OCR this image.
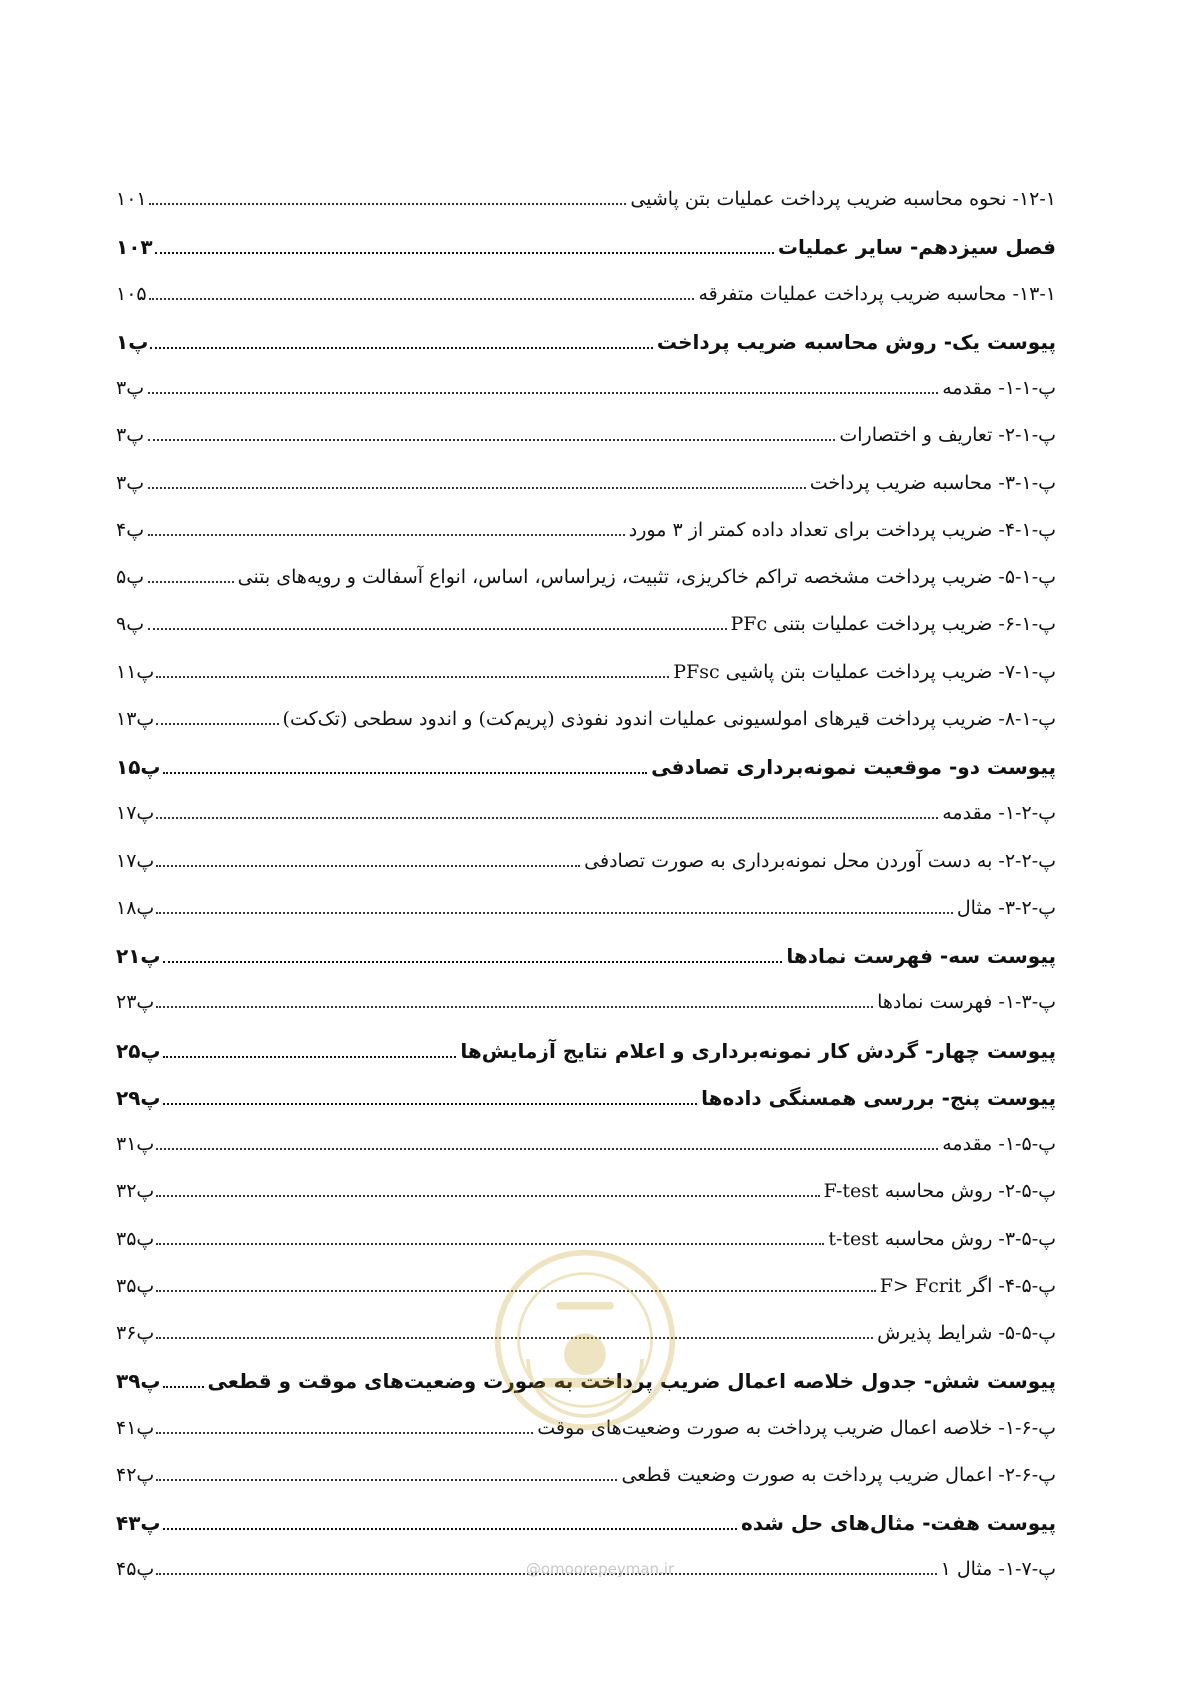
۱۲-۱- نحوه محاسبه ضریب پرداخت عملیات بتن پاشیی
۱۰۱
فصل سیزدهم- سایر عملیات
۱۰۳
۱۳-۱- محاسبه ضریب پرداخت عملیات متفرقه
۱۰۵
پیوست یک- روش محاسبه ضریب پرداخت
پ۱
پ-۱-۱- مقدمه
پ۳
پ-۱-۲- تعاریف و اختصارات
پ۳
پ-۱-۳- محاسبه ضریب پرداخت
پ۳
پ-۱-۴- ضریب پرداخت برای تعداد داده کمتر از ۳ مورد
پ۴
پ-۱-۵- ضریب پرداخت مشخصه تراکم خاکریزی، تثبیت، زیراساس، اساس، انواع آسفالت و رویه‌های بتنی
پ۵
پ-۱-۶- ضریب پرداخت عملیات بتنی PFc
پ۹
پ-۱-۷- ضریب پرداخت عملیات بتن پاشیی PFsc
پ۱۱
پ-۱-۸- ضریب پرداخت قیرهای امولسیونی عملیات اندود نفوذی (پریم‌کت) و اندود سطحی (تک‌کت)
پ۱۳
پیوست دو- موقعیت نمونه‌برداری تصادفی
پ۱۵
پ-۲-۱- مقدمه
پ۱۷
پ-۲-۲- به دست آوردن محل نمونه‌برداری به صورت تصادفی
پ۱۷
پ-۲-۳- مثال
پ۱۸
پیوست سه- فهرست نمادها
پ۲۱
پ-۳-۱- فهرست نمادها
پ۲۳
پیوست چهار- گردش کار نمونه‌برداری و اعلام نتایج آزمایش‌ها
پ۲۵
پیوست پنج- بررسی همسنگی داده‌ها
پ۲۹
پ-۵-۱- مقدمه
پ۳۱
پ-۵-۲- روش محاسبه F-test
پ۳۲
پ-۵-۳- روش محاسبه t-test
پ۳۵
پ-۵-۴- اگر F> Fcrit
پ۳۵
پ-۵-۵- شرایط پذیرش
پ۳۶
پیوست شش- جدول خلاصه اعمال ضریب پرداخت به صورت وضعیت‌های موقت و قطعی
پ۳۹
پ-۶-۱- خلاصه اعمال ضریب پرداخت به صورت وضعیت‌های موقت
پ۴۱
پ-۶-۲- اعمال ضریب پرداخت به صورت وضعیت قطعی
پ۴۲
پیوست هفت- مثال‌های حل شده
پ۴۳
پ-۷-۱- مثال ۱
پ۴۵	@omoorepeyman.ir
